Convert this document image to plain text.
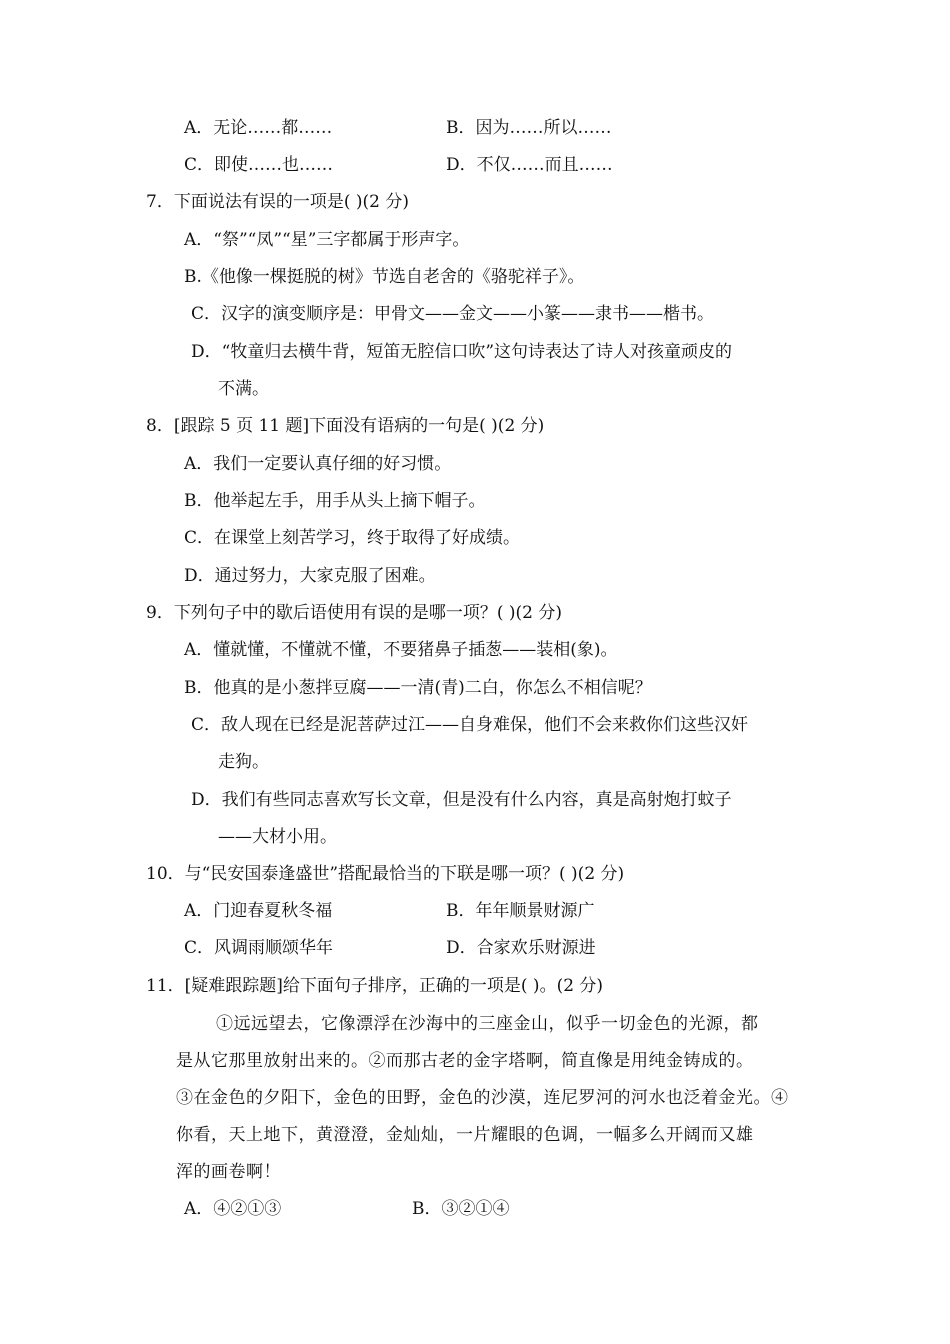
A．无论……都……	B．因为……所以……
C．即使……也……	D．不仅……而且……
7．下面说法有误的一项是( )(2 分)
A．“祭”“凤”“星”三字都属于形声字。
B.《他像一棵挺脱的树》节选自老舍的《骆驼祥子》。
C．汉字的演变顺序是：甲骨文——金文——小篆——隶书——楷书。
D．“牧童归去横牛背，短笛无腔信口吹”这句诗表达了诗人对孩童顽皮的
不满。
8．[跟踪 5 页 11 题]下面没有语病的一句是( )(2 分)
A．我们一定要认真仔细的好习惯。
B．他举起左手，用手从头上摘下帽子。
C．在课堂上刻苦学习，终于取得了好成绩。
D．通过努力，大家克服了困难。
9．下列句子中的歇后语使用有误的是哪一项？( )(2 分)
A．懂就懂，不懂就不懂，不要猪鼻子插葱——装相(象)。
B．他真的是小葱拌豆腐——一清(青)二白，你怎么不相信呢？
C．敌人现在已经是泥菩萨过江——自身难保，他们不会来救你们这些汉奸
走狗。
D．我们有些同志喜欢写长文章，但是没有什么内容，真是高射炮打蚊子
——大材小用。
10．与“民安国泰逢盛世”搭配最恰当的下联是哪一项？( )(2 分)
A．门迎春夏秋冬福	B．年年顺景财源广
C．风调雨顺颂华年	D．合家欢乐财源进
11．[疑难跟踪题]给下面句子排序，正确的一项是( )。(2 分)
①远远望去，它像漂浮在沙海中的三座金山，似乎一切金色的光源，都
是从它那里放射出来的。②而那古老的金字塔啊，简直像是用纯金铸成的。
③在金色的夕阳下，金色的田野，金色的沙漠，连尼罗河的河水也泛着金光。④
你看，天上地下，黄澄澄，金灿灿，一片耀眼的色调，一幅多么开阔而又雄
浑的画卷啊！
A．④②①③	B．③②①④
